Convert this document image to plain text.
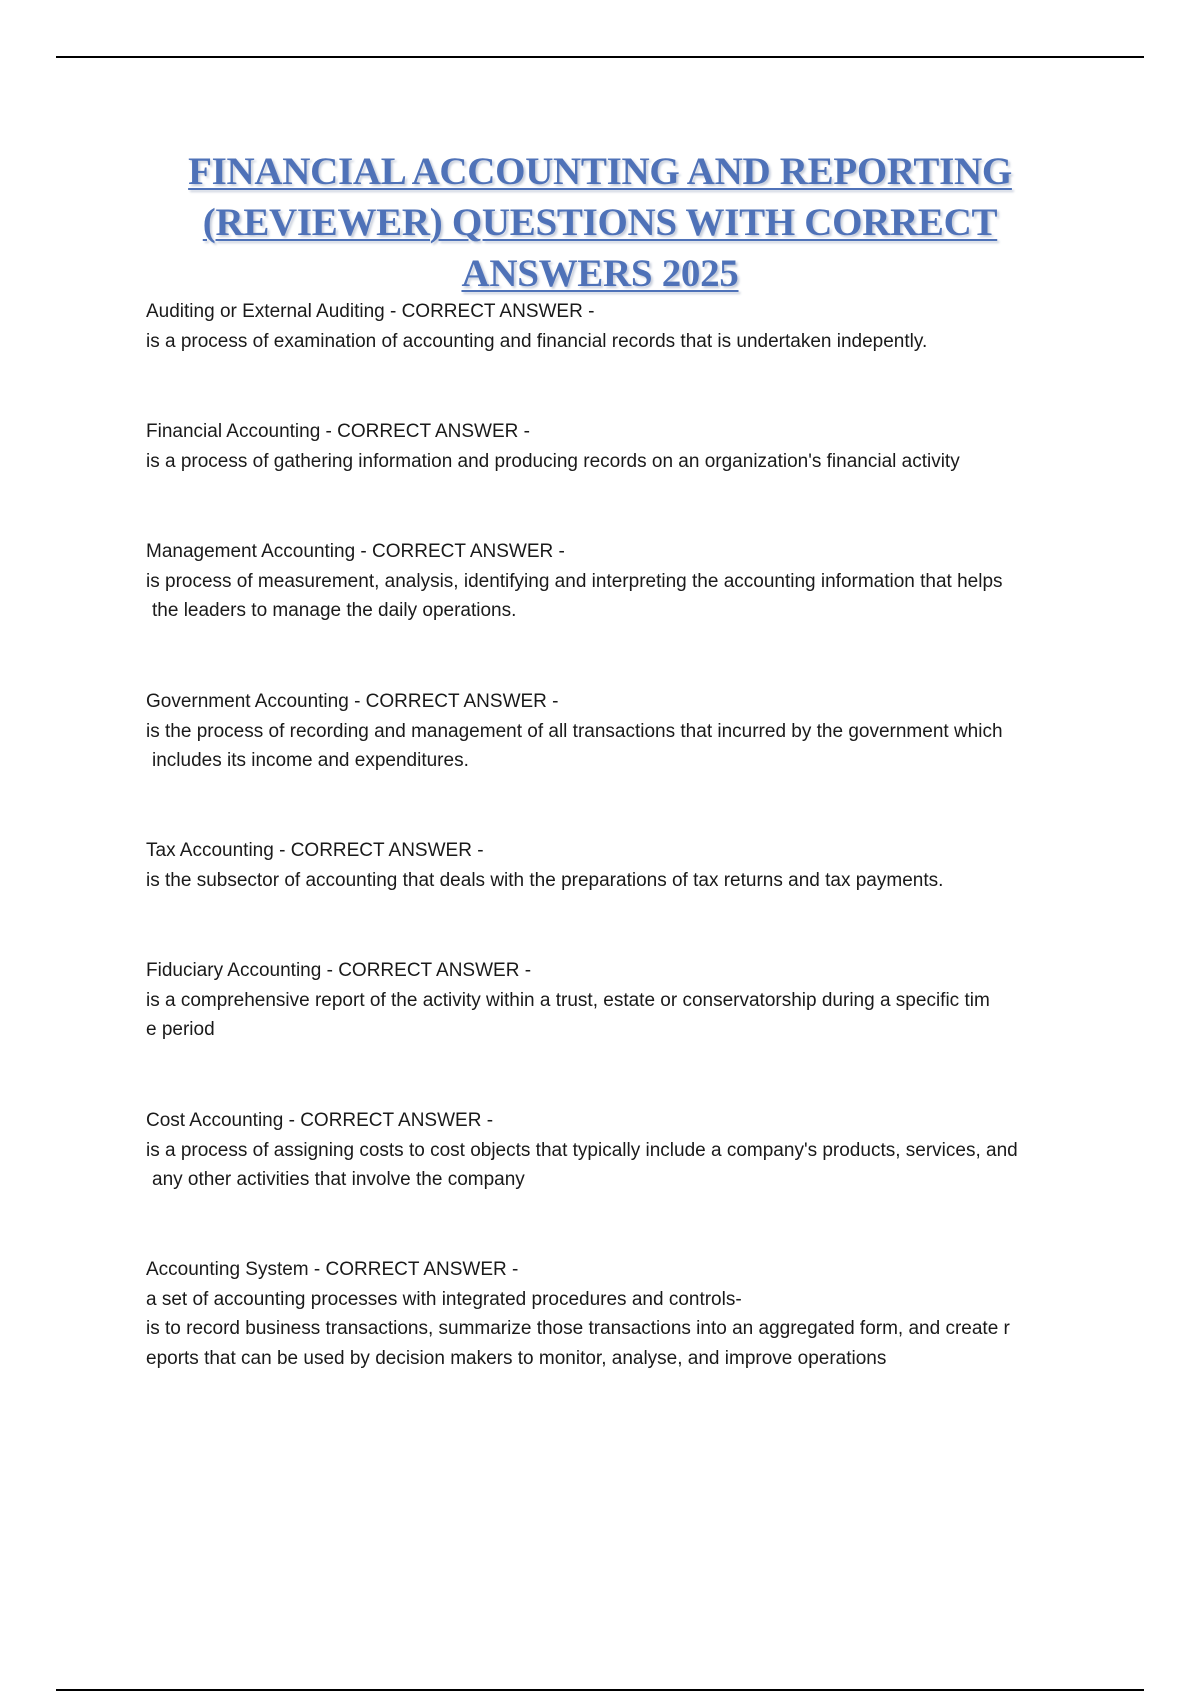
FINANCIAL ACCOUNTING AND REPORTING
(REVIEWER) QUESTIONS WITH CORRECT
ANSWERS 2025
Auditing or External Auditing - CORRECT ANSWER -
is a process of examination of accounting and financial records that is undertaken indepently.
Financial Accounting - CORRECT ANSWER -
is a process of gathering information and producing records on an organization's financial activity
Management Accounting - CORRECT ANSWER -
is process of measurement, analysis, identifying and interpreting the accounting information that helps
the leaders to manage the daily operations.
Government Accounting - CORRECT ANSWER -
is the process of recording and management of all transactions that incurred by the government which
includes its income and expenditures.
Tax Accounting - CORRECT ANSWER -
is the subsector of accounting that deals with the preparations of tax returns and tax payments.
Fiduciary Accounting - CORRECT ANSWER -
is a comprehensive report of the activity within a trust, estate or conservatorship during a specific tim
e period
Cost Accounting - CORRECT ANSWER -
is a process of assigning costs to cost objects that typically include a company's products, services, and
any other activities that involve the company
Accounting System - CORRECT ANSWER -
a set of accounting processes with integrated procedures and controls-
is to record business transactions, summarize those transactions into an aggregated form, and create r
eports that can be used by decision makers to monitor, analyse, and improve operations
